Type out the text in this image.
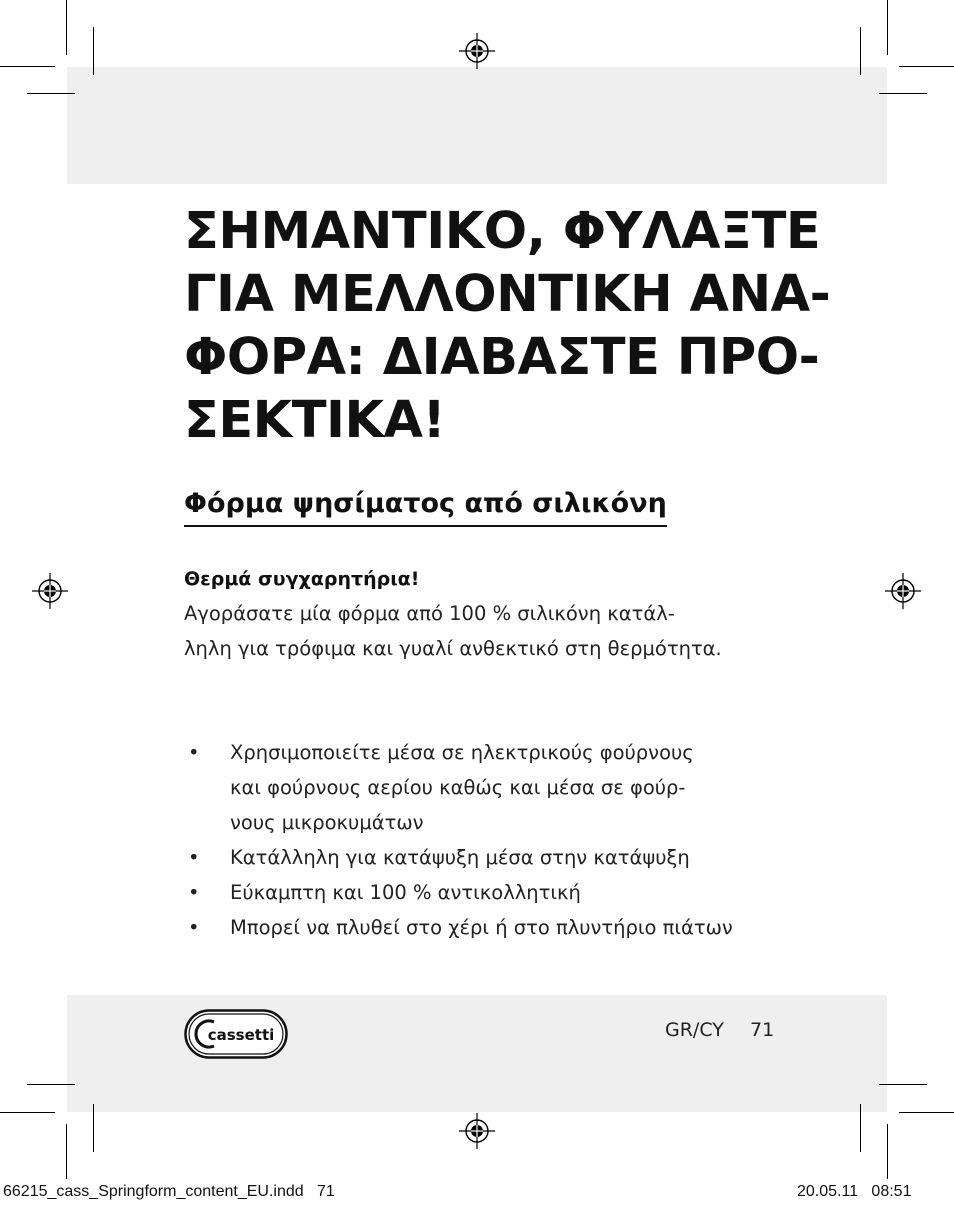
ΣΗΜΑΝΤΙΚΟ, ΦΥΛΑΞΤΕ
ΓΙΑ ΜΕΛΛΟΝΤΙΚΗ ΑΝΑ-
ΦΟΡΑ: ΔΙΑΒΑΣΤΕ ΠΡΟ-
ΣΕΚΤΙΚΑ!
Φόρμα ψησίματος από σιλικόνη
Θερμά συγχαρητήρια!
Αγοράσατε μία φόρμα από 100 % σιλικόνη κατάλ-
ληλη για τρόφιμα και γυαλί ανθεκτικό στη θερμότητα.
• Χρησιμοποιείτε μέσα σε ηλεκτρικούς φούρνους
και φούρνους αερίου καθώς και μέσα σε φούρ-
νους μικροκυμάτων
• Κατάλληλη για κατάψυξη μέσα στην κατάψυξη
• Εύκαμπτη και 100 % αντικολλητική
• Μπορεί να πλυθεί στο χέρι ή στο πλυντήριο πιάτων
cassetti	GR/CY 71
66215_cass_Springform_content_EU.indd   71	20.05.11   08:51
